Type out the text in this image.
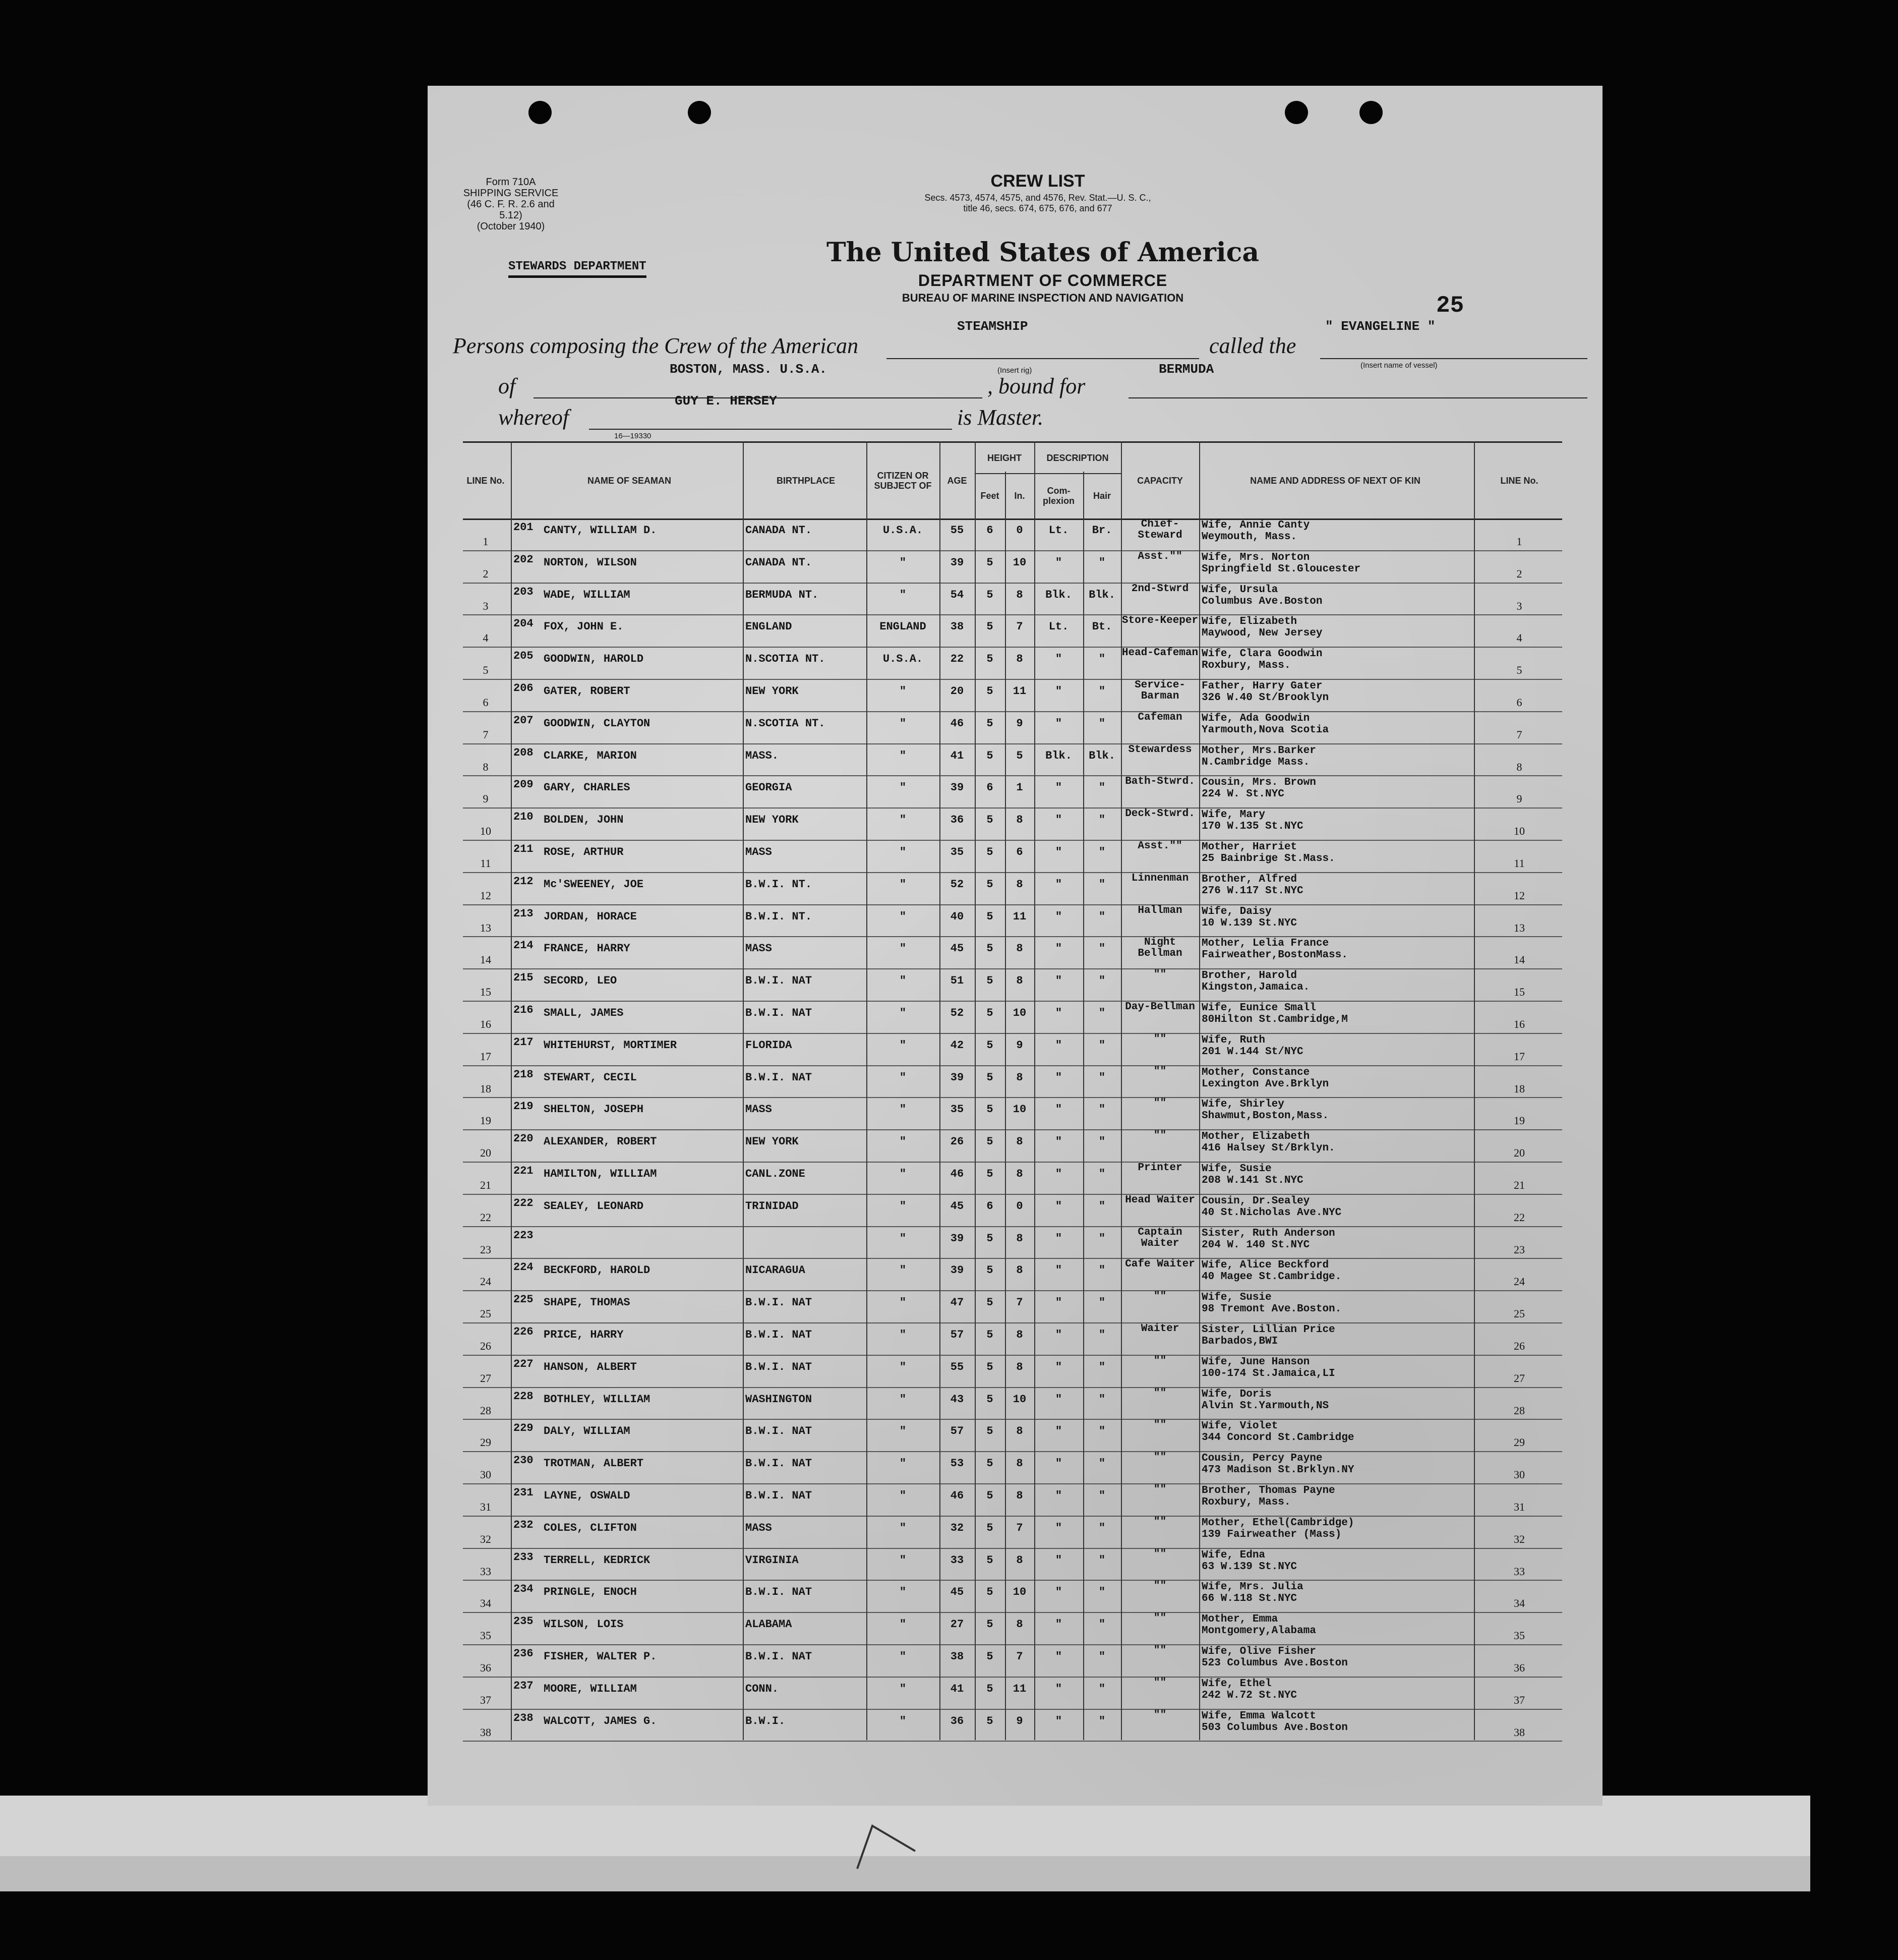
Form 710A
SHIPPING SERVICE
(46 C. F. R. 2.6 and 5.12)
(October 1940)
CREW LIST
Secs. 4573, 4574, 4575, and 4576, Rev. Stat.—U. S. C.,
title 46, secs. 674, 675, 676, and 677
The United States of America
DEPARTMENT OF COMMERCE
BUREAU OF MARINE INSPECTION AND NAVIGATION
STEWARDS DEPARTMENT
25
Persons composing the Crew of the American
STEAMSHIP
called the
" EVANGELINE "
(Insert name of vessel)
of
BOSTON, MASS. U.S.A.	(Insert rig)
, bound for
BERMUDA
whereof
GUY E. HERSEY
is Master.
16—19330
LINE No.	NAME OF SEAMAN	BIRTHPLACE	CITIZEN OR SUBJECT OF	AGE
HEIGHT
Feet	In.
DESCRIPTION
Com- plexion	Hair
CAPACITY	NAME AND ADDRESS OF NEXT OF KIN	LINE No.
1
201 CANTY, WILLIAM D.	CANADA NT.	U.S.A.	55	6	0	Lt.	Br.	Chief-Steward
Wife, Annie Canty
Weymouth, Mass.	1
2
202 NORTON, WILSON	CANADA NT.	"	39	5	10	"	"	Asst.""	Wife, Mrs. Norton
Springfield St.Gloucester	2
3
203 WADE, WILLIAM	BERMUDA NT.	"	54	5	8	Blk.	Blk.	2nd-Stwrd	Wife, Ursula
Columbus Ave.Boston	3
4
204 FOX, JOHN E.	ENGLAND	ENGLAND	38	5	7	Lt.	Bt. Store-Keeper Wife, Elizabeth
Maywood, New Jersey	4
5
205 GOODWIN, HAROLD	N.SCOTIA NT.	U.S.A.	22	5	8	"	"	Head-Cafeman Wife, Clara Goodwin
Roxbury, Mass.	5
6
206 GATER, ROBERT	NEW YORK	"	20	5	11	"	"	Service-Barman
Father, Harry Gater
326 W.40 St/Brooklyn	6
7
207 GOODWIN, CLAYTON	N.SCOTIA NT.	"	46	5	9	"	"	Cafeman	Wife, Ada Goodwin
Yarmouth,Nova Scotia	7
8
208 CLARKE, MARION	MASS.	"	41	5	5	Blk.	Blk.	Stewardess Mother, Mrs.Barker
N.Cambridge Mass.	8
9
209 GARY, CHARLES	GEORGIA	"	39	6	1	"	"	Bath-Stwrd. Cousin, Mrs. Brown
224 W. St.NYC	9
10
210 BOLDEN, JOHN	NEW YORK	"	36	5	8	"	"	Deck-Stwrd. Wife, Mary
170 W.135 St.NYC	10
11
211 ROSE, ARTHUR	MASS	"	35	5	6	"	"	Asst.""	Mother, Harriet
25 Bainbrige St.Mass.	11
12
212 Mc'SWEENEY, JOE	B.W.I. NT.	"	52	5	8	"	"	Linnenman	Brother, Alfred
276 W.117 St.NYC	12
13
213 JORDAN, HORACE	B.W.I. NT.	"	40	5	11	"	"	Hallman	Wife, Daisy
10 W.139 St.NYC	13
14
214 FRANCE, HARRY	MASS	"	45	5	8	"	"	Night Bellman
Mother, Lelia France
Fairweather,BostonMass.	14
15
215 SECORD, LEO	B.W.I. NAT	"	51	5	8	"	"	""	Brother, Harold
Kingston,Jamaica.	15
16
216 SMALL, JAMES	B.W.I. NAT	"	52	5	10	"	"	Day-Bellman Wife, Eunice Small
80Hilton St.Cambridge,M	16
17
217 WHITEHURST, MORTIMER	FLORIDA	"	42	5	9	"	"	""	Wife, Ruth
201 W.144 St/NYC	17
18
218 STEWART, CECIL	B.W.I. NAT	"	39	5	8	"	"	""	Mother, Constance
Lexington Ave.Brklyn	18
19
219 SHELTON, JOSEPH	MASS	"	35	5	10	"	"	""	Wife, Shirley
Shawmut,Boston,Mass.	19
20
220 ALEXANDER, ROBERT	NEW YORK	"	26	5	8	"	"	""	Mother, Elizabeth
416 Halsey St/Brklyn.	20
21
221 HAMILTON, WILLIAM	CANL.ZONE	"	46	5	8	"	"	Printer	Wife, Susie
208 W.141 St.NYC	21
22
222 SEALEY, LEONARD	TRINIDAD	"	45	6	0	"	"	Head Waiter Cousin, Dr.Sealey
40 St.Nicholas Ave.NYC	22
23
223	"	39	5	8	"	"	Captain Waiter
Sister, Ruth Anderson
204 W. 140 St.NYC	23
24
224 BECKFORD, HAROLD	NICARAGUA	"	39	5	8	"	"	Cafe Waiter Wife, Alice Beckford
40 Magee St.Cambridge.	24
25
225 SHAPE, THOMAS	B.W.I. NAT	"	47	5	7	"	"	""	Wife, Susie
98 Tremont Ave.Boston.	25
26
226 PRICE, HARRY	B.W.I. NAT	"	57	5	8	"	"	Waiter	Sister, Lillian Price
Barbados,BWI	26
27
227 HANSON, ALBERT	B.W.I. NAT	"	55	5	8	"	"	""	Wife, June Hanson
100-174 St.Jamaica,LI	27
28
228 BOTHLEY, WILLIAM	WASHINGTON	"	43	5	10	"	"	""	Wife, Doris
Alvin St.Yarmouth,NS	28
29
229 DALY, WILLIAM	B.W.I. NAT	"	57	5	8	"	"	""	Wife, Violet
344 Concord St.Cambridge	29
30
230 TROTMAN, ALBERT	B.W.I. NAT	"	53	5	8	"	"	""	Cousin, Percy Payne
473 Madison St.Brklyn.NY	30
31
231 LAYNE, OSWALD	B.W.I. NAT	"	46	5	8	"	"	""	Brother, Thomas Payne
Roxbury, Mass.	31
32
232 COLES, CLIFTON	MASS	"	32	5	7	"	"	""	Mother, Ethel(Cambridge)
139 Fairweather (Mass)	32
33
233 TERRELL, KEDRICK	VIRGINIA	"	33	5	8	"	"	""	Wife, Edna
63 W.139 St.NYC	33
34
234 PRINGLE, ENOCH	B.W.I. NAT	"	45	5	10	"	"	""	Wife, Mrs. Julia
66 W.118 St.NYC	34
35
235 WILSON, LOIS	ALABAMA	"	27	5	8	"	"	""	Mother, Emma
Montgomery,Alabama	35
36
236 FISHER, WALTER P.	B.W.I. NAT	"	38	5	7	"	"	""	Wife, Olive Fisher
523 Columbus Ave.Boston	36
37
237 MOORE, WILLIAM	CONN.	"	41	5	11	"	"	""	Wife, Ethel
242 W.72 St.NYC	37
38
238 WALCOTT, JAMES G.	B.W.I.	"	36	5	9	"	"	""	Wife, Emma Walcott
503 Columbus Ave.Boston	38
